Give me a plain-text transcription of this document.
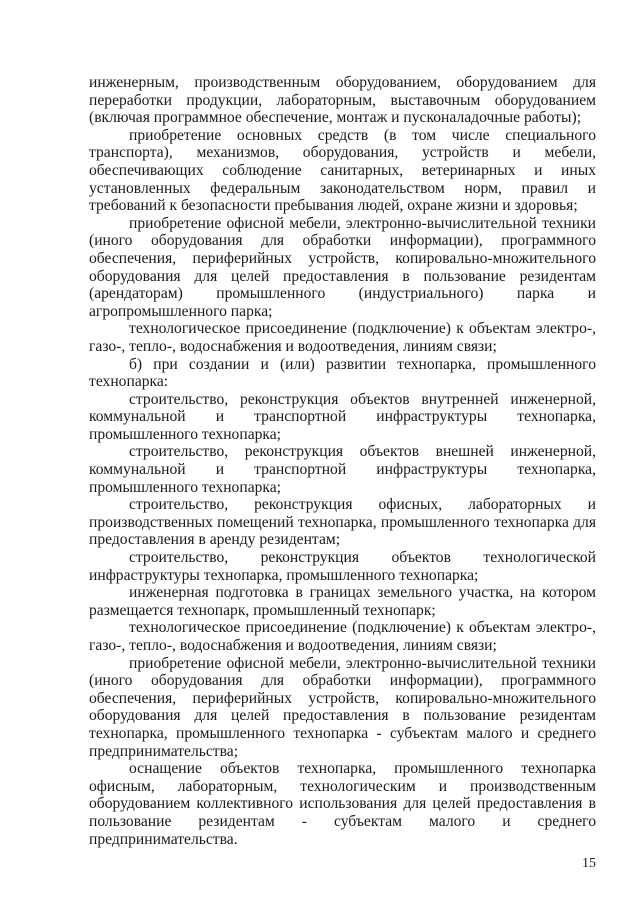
инженерным, производственным оборудованием, оборудованием для переработки продукции, лабораторным, выставочным оборудованием (включая программное обеспечение, монтаж и пусконаладочные работы);

приобретение основных средств (в том числе специального транспорта), механизмов, оборудования, устройств и мебели, обеспечивающих соблюдение санитарных, ветеринарных и иных установленных федеральным законодательством норм, правил и требований к безопасности пребывания людей, охране жизни и здоровья;

приобретение офисной мебели, электронно-вычислительной техники (иного оборудования для обработки информации), программного обеспечения, периферийных устройств, копировально-множительного оборудования для целей предоставления в пользование резидентам (арендаторам) промышленного (индустриального) парка и агропромышленного парка;

технологическое присоединение (подключение) к объектам электро-, газо-, тепло-, водоснабжения и водоотведения, линиям связи;

б) при создании и (или) развитии технопарка, промышленного технопарка:

строительство, реконструкция объектов внутренней инженерной, коммунальной и транспортной инфраструктуры технопарка, промышленного технопарка;

строительство, реконструкция объектов внешней инженерной, коммунальной и транспортной инфраструктуры технопарка, промышленного технопарка;

строительство, реконструкция офисных, лабораторных и производственных помещений технопарка, промышленного технопарка для предоставления в аренду резидентам;

строительство, реконструкция объектов технологической инфраструктуры технопарка, промышленного технопарка;

инженерная подготовка в границах земельного участка, на котором размещается технопарк, промышленный технопарк;

технологическое присоединение (подключение) к объектам электро-, газо-, тепло-, водоснабжения и водоотведения, линиям связи;

приобретение офисной мебели, электронно-вычислительной техники (иного оборудования для обработки информации), программного обеспечения, периферийных устройств, копировально-множительного оборудования для целей предоставления в пользование резидентам технопарка, промышленного технопарка - субъектам малого и среднего предпринимательства;

оснащение объектов технопарка, промышленного технопарка офисным, лабораторным, технологическим и производственным оборудованием коллективного использования для целей предоставления в пользование резидентам - субъектам малого и среднего предпринимательства.

15
